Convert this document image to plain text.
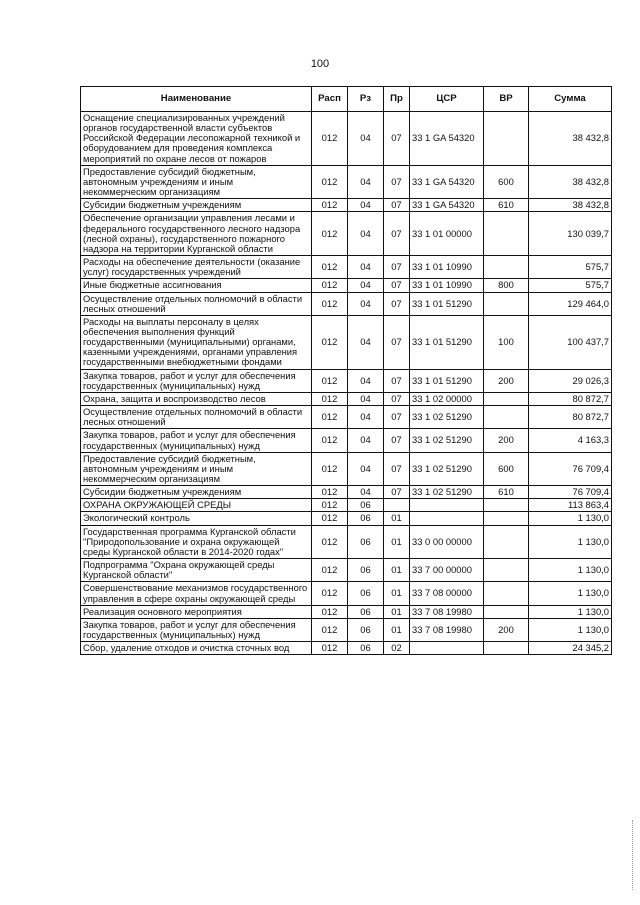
100
Наименование	Расп	Рз	Пр	ЦСР	ВР	Сумма
Оснащение специализированных учреждений органов государственной власти субъектов Российской Федерации лесопожарной техникой и оборудованием для проведения комплекса мероприятий по охране лесов от пожаров	012	04	07	33 1 GA 54320		38 432,8
Предоставление субсидий бюджетным, автономным учреждениям и иным некоммерческим организациям	012	04	07	33 1 GA 54320	600	38 432,8
Субсидии бюджетным учреждениям	012	04	07	33 1 GA 54320	610	38 432,8
Обеспечение организации управления лесами и федерального государственного лесного надзора (лесной охраны), государственного пожарного надзора на территории Курганской области	012	04	07	33 1 01 00000		130 039,7
Расходы на обеспечение деятельности (оказание услуг) государственных учреждений	012	04	07	33 1 01 10990		575,7
Иные бюджетные ассигнования	012	04	07	33 1 01 10990	800	575,7
Осуществление отдельных полномочий в области лесных отношений	012	04	07	33 1 01 51290		129 464,0
Расходы на выплаты персоналу в целях обеспечения выполнения функций государственными (муниципальными) органами, казенными учреждениями, органами управления государственными внебюджетными фондами	012	04	07	33 1 01 51290	100	100 437,7
Закупка товаров, работ и услуг для обеспечения государственных (муниципальных) нужд	012	04	07	33 1 01 51290	200	29 026,3
Охрана, защита и воспроизводство лесов	012	04	07	33 1 02 00000		80 872,7
Осуществление отдельных полномочий в области лесных отношений	012	04	07	33 1 02 51290		80 872,7
Закупка товаров, работ и услуг для обеспечения государственных (муниципальных) нужд	012	04	07	33 1 02 51290	200	4 163,3
Предоставление субсидий бюджетным, автономным учреждениям и иным некоммерческим организациям	012	04	07	33 1 02 51290	600	76 709,4
Субсидии бюджетным учреждениям	012	04	07	33 1 02 51290	610	76 709,4
ОХРАНА ОКРУЖАЮЩЕЙ СРЕДЫ	012	06				113 863,4
Экологический контроль	012	06	01			1 130,0
Государственная программа Курганской области "Природопользование и охрана окружающей среды Курганской области в 2014-2020 годах"	012	06	01	33 0 00 00000		1 130,0
Подпрограмма "Охрана окружающей среды Курганской области"	012	06	01	33 7 00 00000		1 130,0
Совершенствование механизмов государственного управления в сфере охраны окружающей среды	012	06	01	33 7 08 00000		1 130,0
Реализация основного мероприятия	012	06	01	33 7 08 19980		1 130,0
Закупка товаров, работ и услуг для обеспечения государственных (муниципальных) нужд	012	06	01	33 7 08 19980	200	1 130,0
Сбор, удаление отходов и очистка сточных вод	012	06	02			24 345,2
